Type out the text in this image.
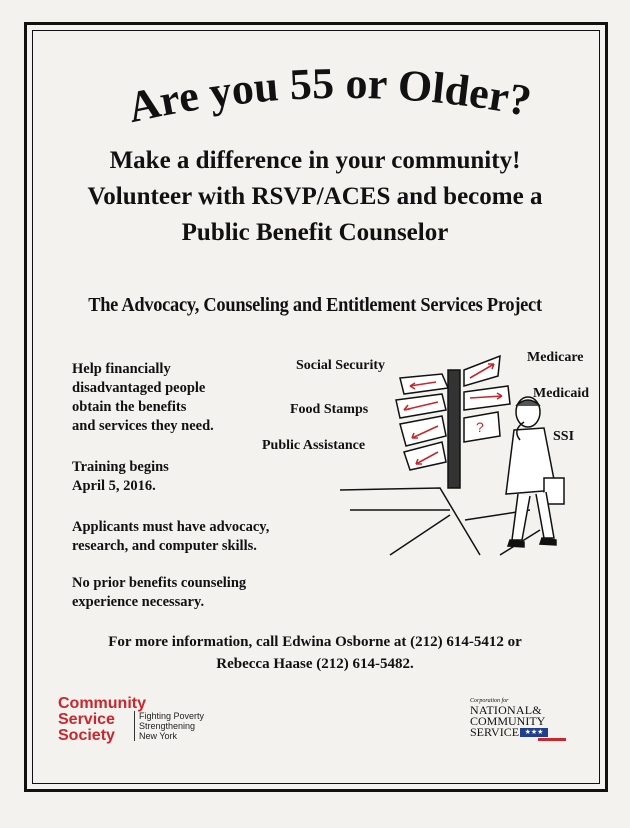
Are you 55 or Older?
Make a difference in your community!
Volunteer with RSVP/ACES and become a
Public Benefit Counselor
The Advocacy, Counseling and Entitlement Services Project
Help financially
disadvantaged people
obtain the benefits
and services they need.
Training begins
April 5, 2016.
Applicants must have advocacy,
research, and computer skills.
No prior benefits counseling
experience necessary.
?
Social Security
Food Stamps
Public Assistance
Medicare
Medicaid
SSI
For more information, call Edwina Osborne at (212) 614-5412 or
Rebecca Haase (212) 614-5482.
Community
Service
Society
Fighting Poverty
Strengthening
New York
Corporation for
NATIONAL&
COMMUNITY
SERVICE ★★★
